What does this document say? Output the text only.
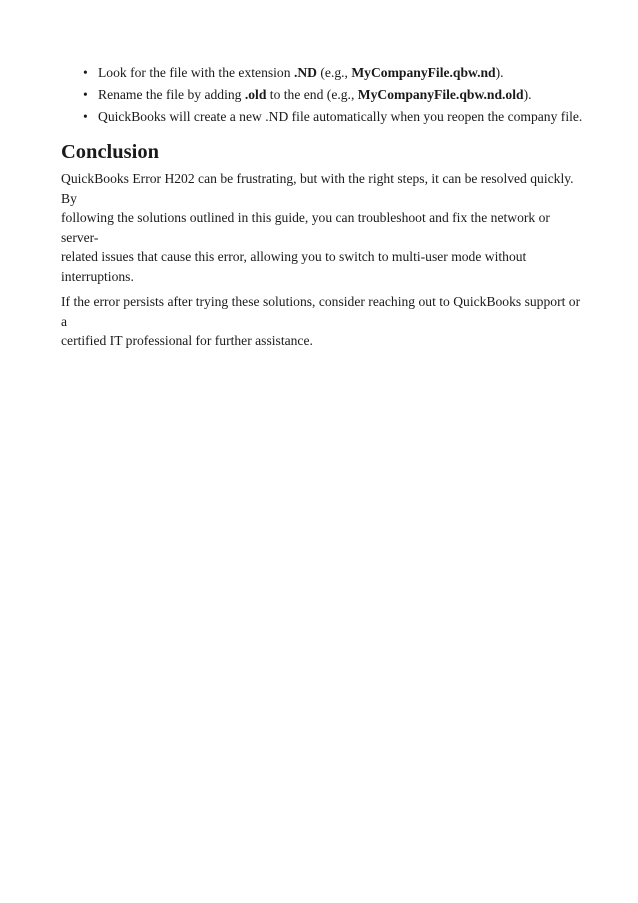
• Look for the file with the extension .ND (e.g., MyCompanyFile.qbw.nd).
• Rename the file by adding .old to the end (e.g., MyCompanyFile.qbw.nd.old).
• QuickBooks will create a new .ND file automatically when you reopen the company file.
Conclusion

QuickBooks Error H202 can be frustrating, but with the right steps, it can be resolved quickly. By
following the solutions outlined in this guide, you can troubleshoot and fix the network or server-
related issues that cause this error, allowing you to switch to multi-user mode without interruptions.

If the error persists after trying these solutions, consider reaching out to QuickBooks support or a
certified IT professional for further assistance.
